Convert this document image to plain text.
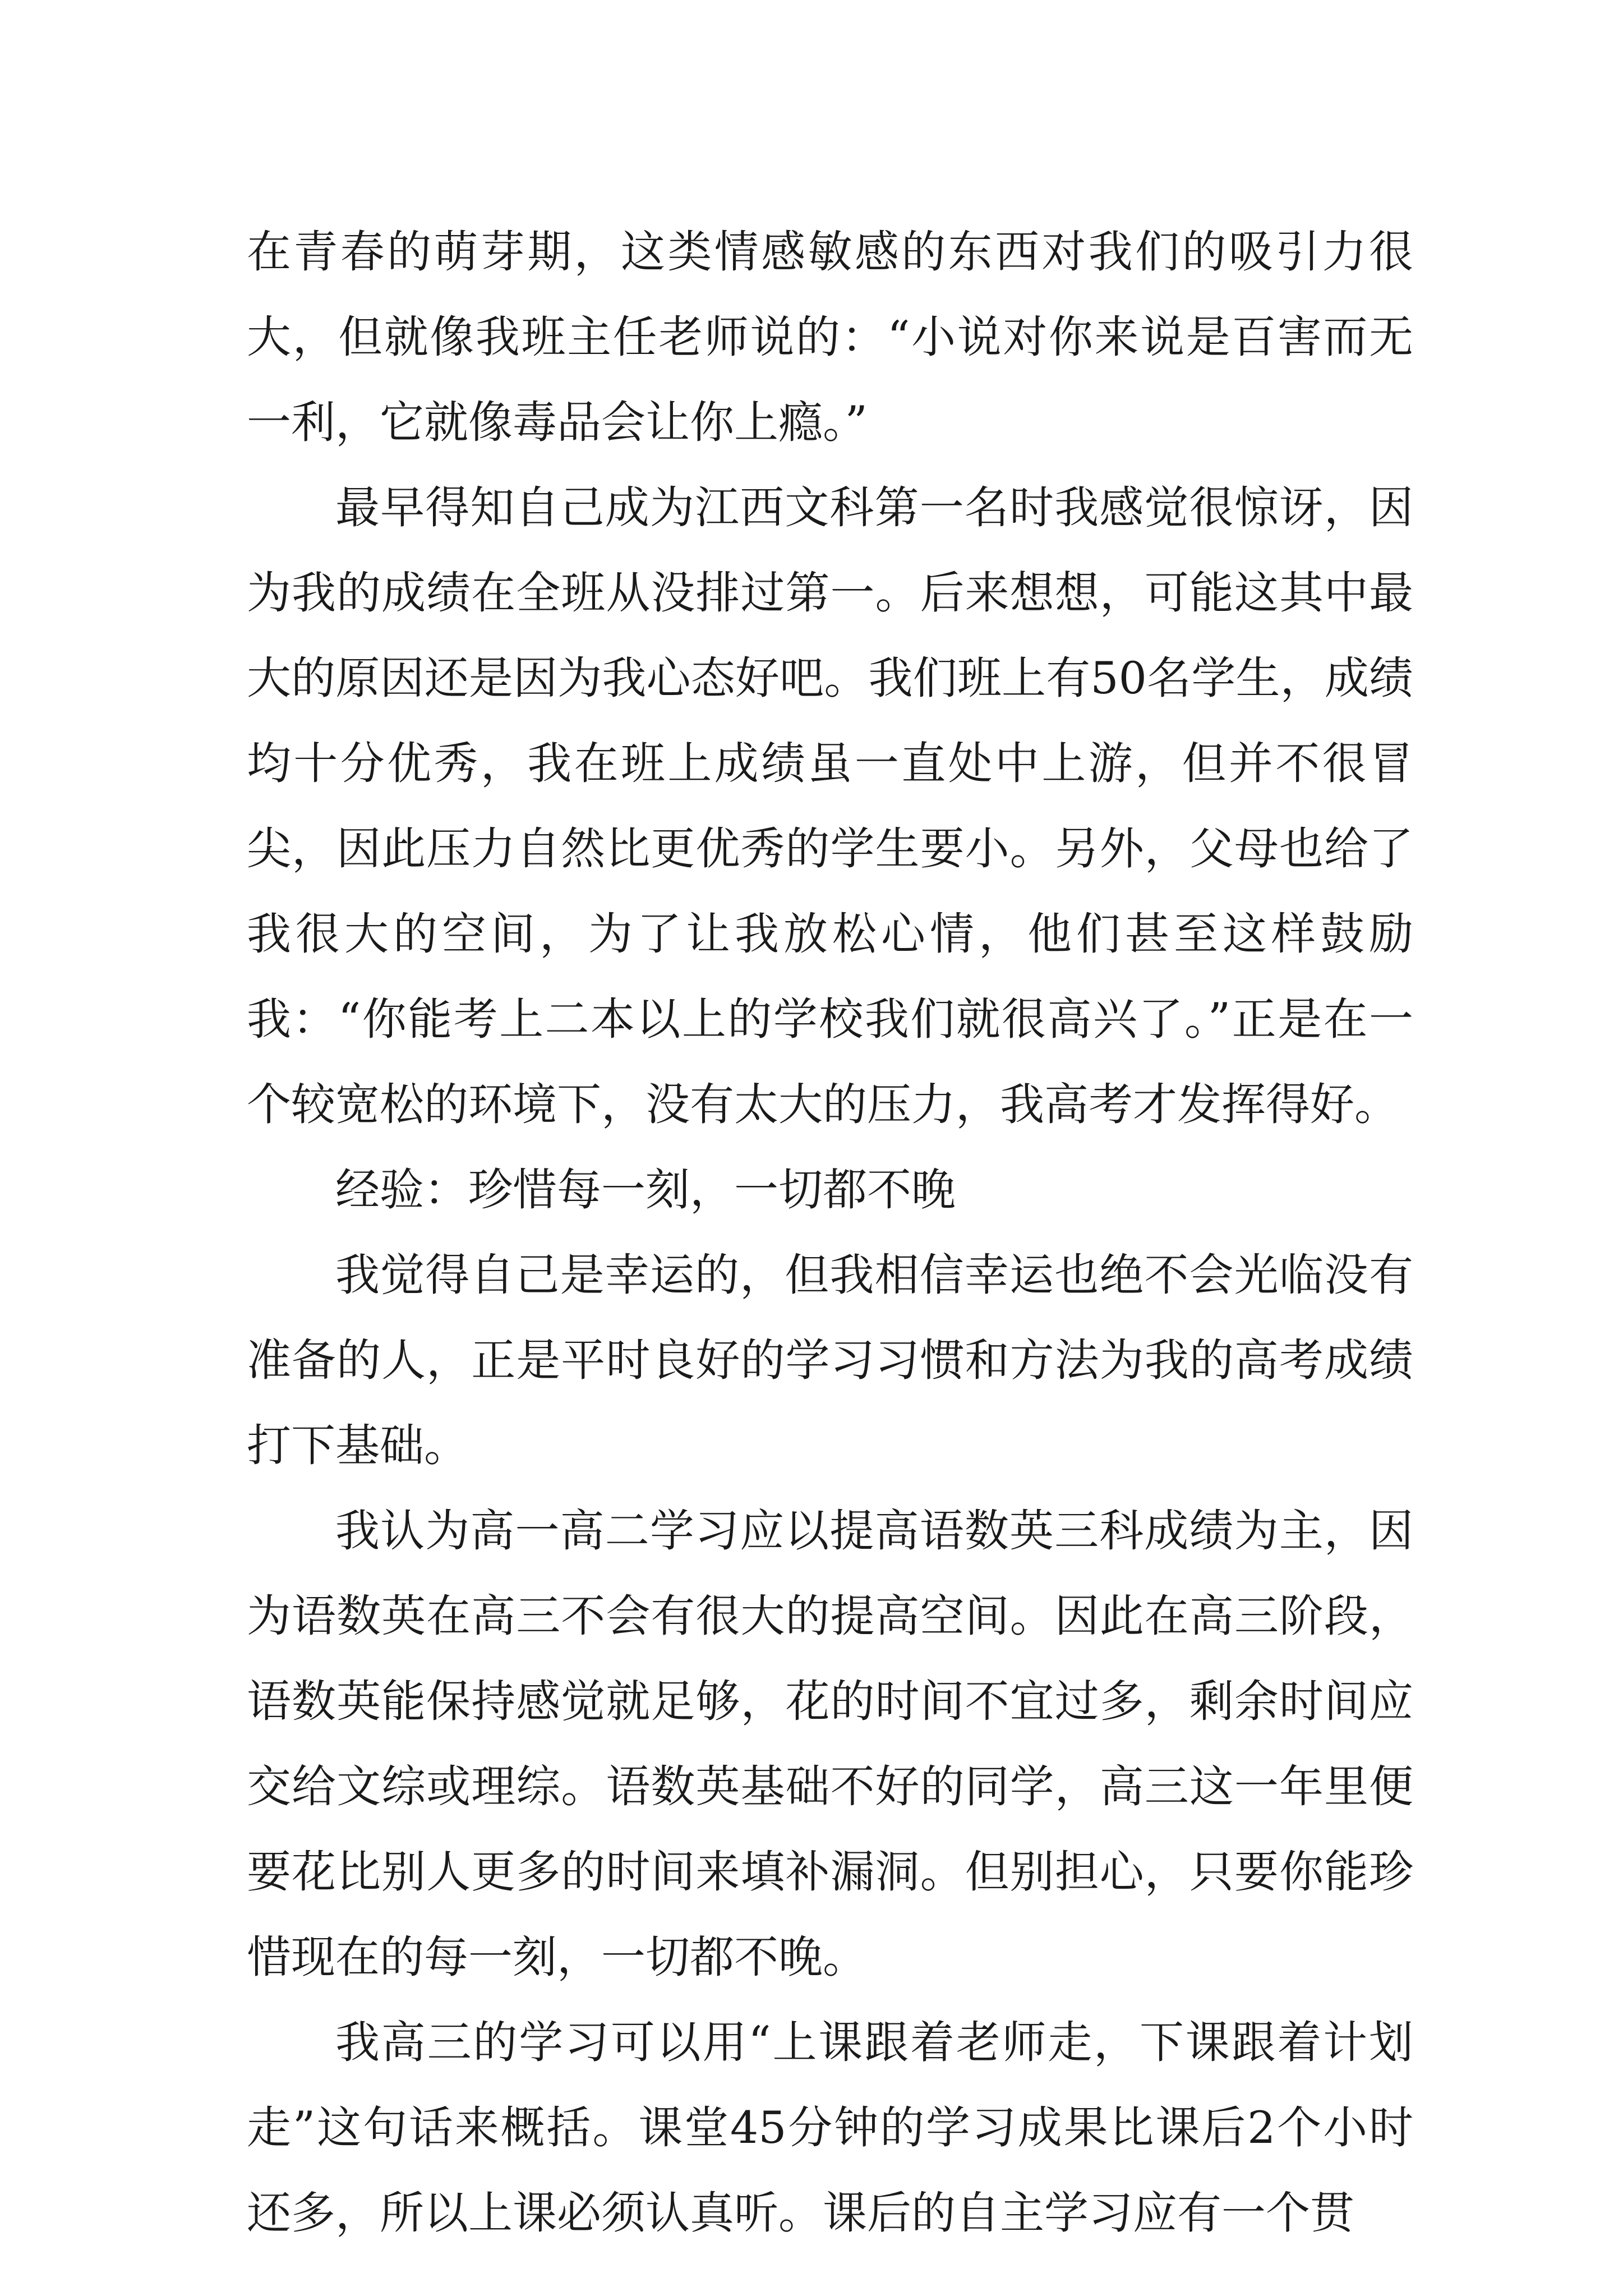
在青春的萌芽期，这类情感敏感的东西对我们的吸引力很大，但就像我班主任老师说的：“小说对你来说是百害而无一利，它就像毒品会让你上瘾。”

最早得知自己成为江西文科第一名时我感觉很惊讶，因为我的成绩在全班从没排过第一。后来想想，可能这其中最大的原因还是因为我心态好吧。我们班上有50名学生，成绩均十分优秀，我在班上成绩虽一直处中上游，但并不很冒尖，因此压力自然比更优秀的学生要小。另外，父母也给了我很大的空间，为了让我放松心情，他们甚至这样鼓励我：“你能考上二本以上的学校我们就很高兴了。”正是在一个较宽松的环境下，没有太大的压力，我高考才发挥得好。

经验：珍惜每一刻，一切都不晚

我觉得自己是幸运的，但我相信幸运也绝不会光临没有准备的人，正是平时良好的学习习惯和方法为我的高考成绩打下基础。

我认为高一高二学习应以提高语数英三科成绩为主，因为语数英在高三不会有很大的提高空间。因此在高三阶段，语数英能保持感觉就足够，花的时间不宜过多，剩余时间应交给文综或理综。语数英基础不好的同学，高三这一年里便要花比别人更多的时间来填补漏洞。但别担心，只要你能珍惜现在的每一刻，一切都不晚。

我高三的学习可以用“上课跟着老师走，下课跟着计划走”这句话来概括。课堂45分钟的学习成果比课后2个小时还多，所以上课必须认真听。课后的自主学习应有一个贯
